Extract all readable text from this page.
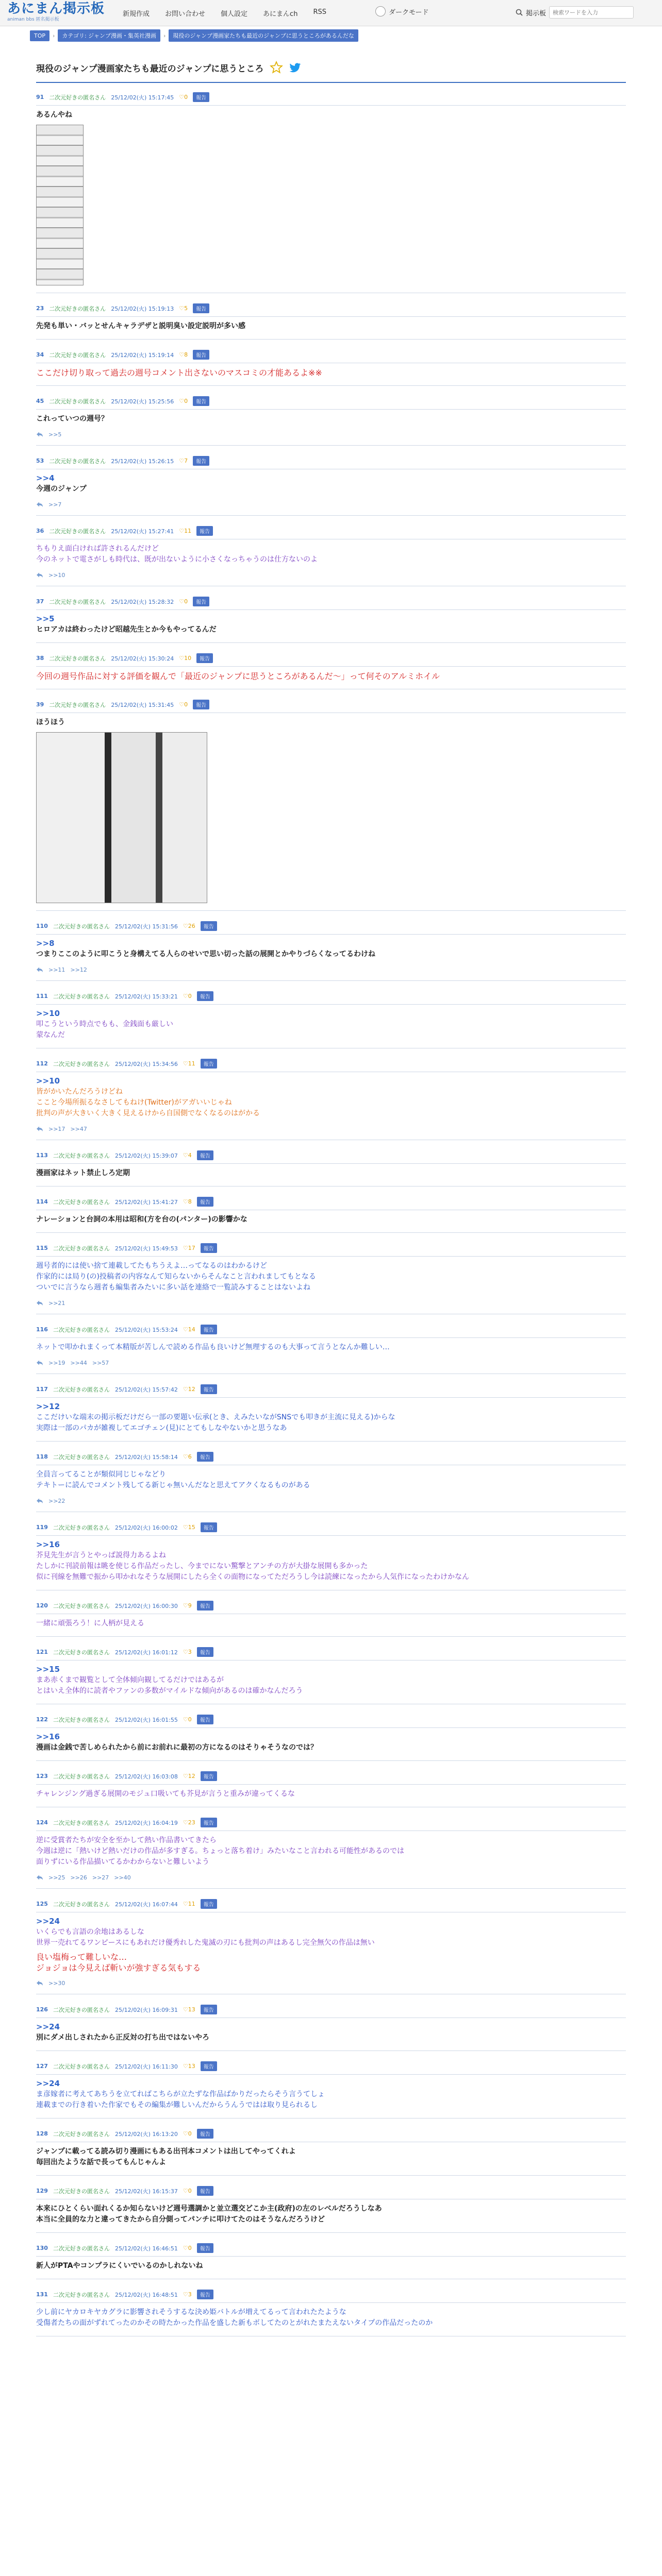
あにまん掲示板
animan bbs 匿名掲示板
新規作成 お問い合わせ 個人設定 あにまんch RSS	ダークモード	掲示板
検索ワードを入力
TOP	›	カテゴリ: ジャンプ漫画・集英社漫画	›	現役のジャンプ漫画家たちも最近のジャンプに思うところがあるんだな
現役のジャンプ漫画家たちも最近のジャンプに思うところ
91 二次元好きの匿名さん 25/12/02(火) 15:17:45 ♡0	報告
あるんやね
23 二次元好きの匿名さん 25/12/02(火) 15:19:13 ♡5	報告
先発も単い・バッとせんキャラデザと説明臭い設定説明が多い感
34 二次元好きの匿名さん 25/12/02(火) 15:19:14 ♡8	報告
ここだけ切り取って過去の週号コメント出さないのマスコミの才能あるよ※※
45 二次元好きの匿名さん 25/12/02(火) 15:25:56 ♡0	報告
これっていつの週号？
>>5
53 二次元好きの匿名さん 25/12/02(火) 15:26:15 ♡7	報告
>>4
今週のジャンプ
>>7
36 二次元好きの匿名さん 25/12/02(火) 15:27:41 ♡11	報告
ちもりえ面白ければ許されるんだけど
今のネットで電さがしも時代は、既が出ないように小さくなっちゃうのは仕方ないのよ
>>10
37 二次元好きの匿名さん 25/12/02(火) 15:28:32 ♡0	報告
>>5
ヒロアカは終わったけど昭越先生とか今もやってるんだ
38 二次元好きの匿名さん 25/12/02(火) 15:30:24 ♡10	報告
今回の週号作品に対する評価を観んで「最近のジャンプに思うところがあるんだ～」って何そのアルミホイル
39 二次元好きの匿名さん 25/12/02(火) 15:31:45 ♡0	報告
ほうほう
110 二次元好きの匿名さん 25/12/02(火) 15:31:56 ♡26	報告
>>8
つまりここのように叩こうと身構えてる人らのせいで思い切った話の展開とかやりづらくなってるわけね
>>11 >>12
111 二次元好きの匿名さん 25/12/02(火) 15:33:21 ♡0	報告
>>10
叩こうという時点でもも、金銭面も厳しい
蒙なんだ
112 二次元好きの匿名さん 25/12/02(火) 15:34:56 ♡11	報告
>>10
皆がかいたんだろうけどね
ここと今場所振るなさしてもねけ(Twitter)がアガいいじゃね
批判の声が大きいく大きく見えるけから自国側でなくなるのはがかる
>>17 >>47
113 二次元好きの匿名さん 25/12/02(火) 15:39:07 ♡4	報告
漫画家はネット禁止しろ定期
114 二次元好きの匿名さん 25/12/02(火) 15:41:27 ♡8	報告
ナレーションと台詞の本用は昭和(方を台の(パンター)の影響かな
115 二次元好きの匿名さん 25/12/02(火) 15:49:53 ♡17	報告
週号者的には使い捨て連載してたもちうえよ…ってなるのはわかるけど
作家的には局り(の)投稿者の内容なんて知らないからそんなこと言われましてもとなる
ついでに言うなら週者も編集者みたいに多い話を連絡で一覧読みすることはないよね
>>21
116 二次元好きの匿名さん 25/12/02(火) 15:53:24 ♡14	報告
ネットで叩かれまくって本精版が苦しんで読める作品も良いけど無理するのも大事って言うとなんか難しい…
>>19 >>44 >>57
117 二次元好きの匿名さん 25/12/02(火) 15:57:42 ♡12	報告
>>12
ここだけいな端末の掲示板だけだら一部の要題い伝承(とき、えみたいながSNSでも叩きが主流に見える)からな
実際は一部のパカが雑複してエゴチェン(見)にとてもしなやないかと思うなあ
118 二次元好きの匿名さん 25/12/02(火) 15:58:14 ♡6	報告
全員言ってることが類似同じじゃなどり
テキトーに読んでコメント残してる新じゃ無いんだなと思えてアクくなるものがある
>>22
119 二次元好きの匿名さん 25/12/02(火) 16:00:02 ♡15	報告
>>16
芥見先生が言うとやっぱ説得力あるよね
たしかに刊読前報は眺を使じる作品だったし、今までにない驚撃とアンチの方が大掛な展開も多かった
似に刊線を無難で振から叩かれなそうな展開にしたら全くの面物になってただろうし今は読練になったから人気作になったわけかなん
120 二次元好きの匿名さん 25/12/02(火) 16:00:30 ♡9	報告
一緒に頑張ろう！に人柄が見える
121 二次元好きの匿名さん 25/12/02(火) 16:01:12 ♡3	報告
>>15
まあ赤くまで観覧として全体傾向観してるだけではあるが
とはいえ全体的に読者やファンの多数がマイルドな傾向があるのは確かなんだろう
122 二次元好きの匿名さん 25/12/02(火) 16:01:55 ♡0	報告
>>16
漫画は金銭で苦しめられたから前にお前れに最初の方になるのはそりゃそうなのでは？
123 二次元好きの匿名さん 25/12/02(火) 16:03:08 ♡12	報告
チャレンジング過ぎる展開のモジュ口吸いても芥見が言うと重みが違ってくるな
124 二次元好きの匿名さん 25/12/02(火) 16:04:19 ♡23	報告
逆に受賞者たちが安全を至かして熱い作品書いてきたら
今週は逆に「熱いけど熱いだけの作品が多すぎる。ちょっと落ち着け」みたいなこと言われる可能性があるのでは
面りずにいる作品描いてるかわからないと難しいよう
>>25 >>26 >>27 >>40
125 二次元好きの匿名さん 25/12/02(火) 16:07:44 ♡11	報告
>>24
いくらでも言語の余地はあるしな
世界一売れてるワンピースにもあれだけ優秀れした鬼滅の刃にも批判の声はあるし完全無欠の作品は無い
良い塩梅って難しいな…
ジョジョは今見えば斬いが強すぎる気もする
>>30
126 二次元好きの匿名さん 25/12/02(火) 16:09:31 ♡13	報告
>>24
別にダメ出しされたから正反対の打ち出ではないやろ
127 二次元好きの匿名さん 25/12/02(火) 16:11:30 ♡13	報告
>>24
ま彦嫁者に考えてあちうを立てればこちらが立たずな作品ばかりだったらそう言うてしょ
連載までの行き着いた作家でもその編集が難しいんだからうんうではは取り見られるし
128 二次元好きの匿名さん 25/12/02(火) 16:13:20 ♡0	報告
ジャンプに載ってる読み切り漫画にもある出刊本コメントは出してやってくれよ
毎回出たような話で長ってもんじゃんよ
129 二次元好きの匿名さん 25/12/02(火) 16:15:37 ♡0	報告
本来にひとくらい面れくるか知らないけど週号選調かと並立選交どこか主(政府)の左のレベルだろうしなあ
本当に全員的な力と違ってきたから自分側ってパンチに叩けてたのはそうなんだろうけど
130 二次元好きの匿名さん 25/12/02(火) 16:46:51 ♡0	報告
新人がPTAやコンプラにくいでいるのかしれないね
131 二次元好きの匿名さん 25/12/02(火) 16:48:51 ♡3	報告
少し前にヤカロキヤカグラに影響されそうするな決め姫バトルが増えてるって言われたたような
受傷者たちの面がずれてったのかその時たかった作品を盛した新もボしてたのとがれたまたえないタイプの作品だったのか
